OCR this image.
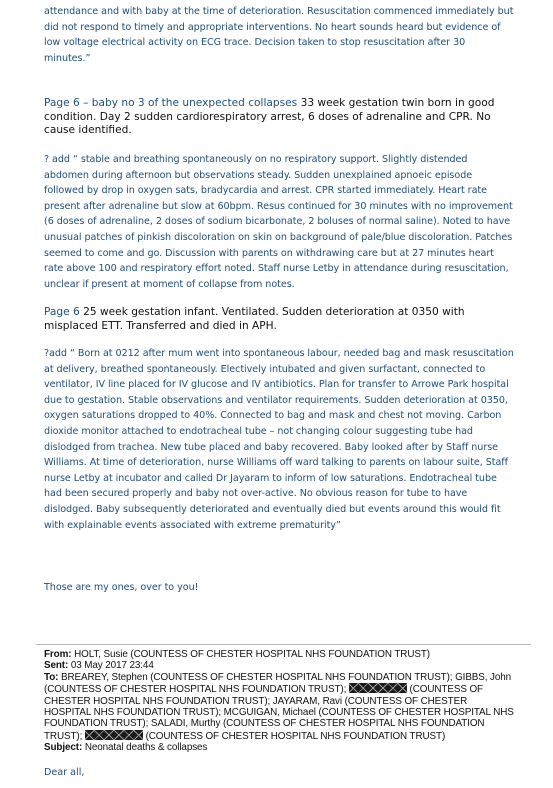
attendance and with baby at the time of deterioration. Resuscitation commenced immediately but did not respond to timely and appropriate interventions. No heart sounds heard but evidence of low voltage electrical activity on ECG trace. Decision taken to stop resuscitation after 30 minutes.”

Page 6 – baby no 3 of the unexpected collapses 33 week gestation twin born in good condition. Day 2 sudden cardiorespiratory arrest, 6 doses of adrenaline and CPR. No cause identified.

? add “ stable and breathing spontaneously on no respiratory support. Slightly distended abdomen during afternoon but observations steady. Sudden unexplained apnoeic episode followed by drop in oxygen sats, bradycardia and arrest. CPR started immediately. Heart rate present after adrenaline but slow at 60bpm. Resus continued for 30 minutes with no improvement (6 doses of adrenaline, 2 doses of sodium bicarbonate, 2 boluses of normal saline). Noted to have unusual patches of pinkish discoloration on skin on background of pale/blue discoloration. Patches seemed to come and go. Discussion with parents on withdrawing care but at 27 minutes heart rate above 100 and respiratory effort noted. Staff nurse Letby in attendance during resuscitation, unclear if present at moment of collapse from notes.

Page 6 25 week gestation infant. Ventilated. Sudden deterioration at 0350 with misplaced ETT. Transferred and died in APH.

?add “ Born at 0212 after mum went into spontaneous labour, needed bag and mask resuscitation at delivery, breathed spontaneously. Electively intubated and given surfactant, connected to ventilator, IV line placed for IV glucose and IV antibiotics. Plan for transfer to Arrowe Park hospital due to gestation. Stable observations and ventilator requirements. Sudden deterioration at 0350, oxygen saturations dropped to 40%. Connected to bag and mask and chest not moving. Carbon dioxide monitor attached to endotracheal tube – not changing colour suggesting tube had dislodged from trachea. New tube placed and baby recovered. Baby looked after by Staff nurse Williams. At time of deterioration, nurse Williams off ward talking to parents on labour suite, Staff nurse Letby at incubator and called Dr Jayaram to inform of low saturations. Endotracheal tube had been secured properly and baby not over-active. No obvious reason for tube to have dislodged. Baby subsequently deteriorated and eventually died but events around this would fit with explainable events associated with extreme prematurity”

Those are my ones, over to you!

From: HOLT, Susie (COUNTESS OF CHESTER HOSPITAL NHS FOUNDATION TRUST)
Sent: 03 May 2017 23:44
To: BREAREY, Stephen (COUNTESS OF CHESTER HOSPITAL NHS FOUNDATION TRUST); GIBBS, John (COUNTESS OF CHESTER HOSPITAL NHS FOUNDATION TRUST);	(COUNTESS OF CHESTER HOSPITAL NHS FOUNDATION TRUST); JAYARAM, Ravi (COUNTESS OF CHESTER HOSPITAL NHS FOUNDATION TRUST); MCGUIGAN, Michael (COUNTESS OF CHESTER HOSPITAL NHS FOUNDATION TRUST); SALADI, Murthy (COUNTESS OF CHESTER HOSPITAL NHS FOUNDATION TRUST);	(COUNTESS OF CHESTER HOSPITAL NHS FOUNDATION TRUST)
Subject: Neonatal deaths & collapses
Dear all,
